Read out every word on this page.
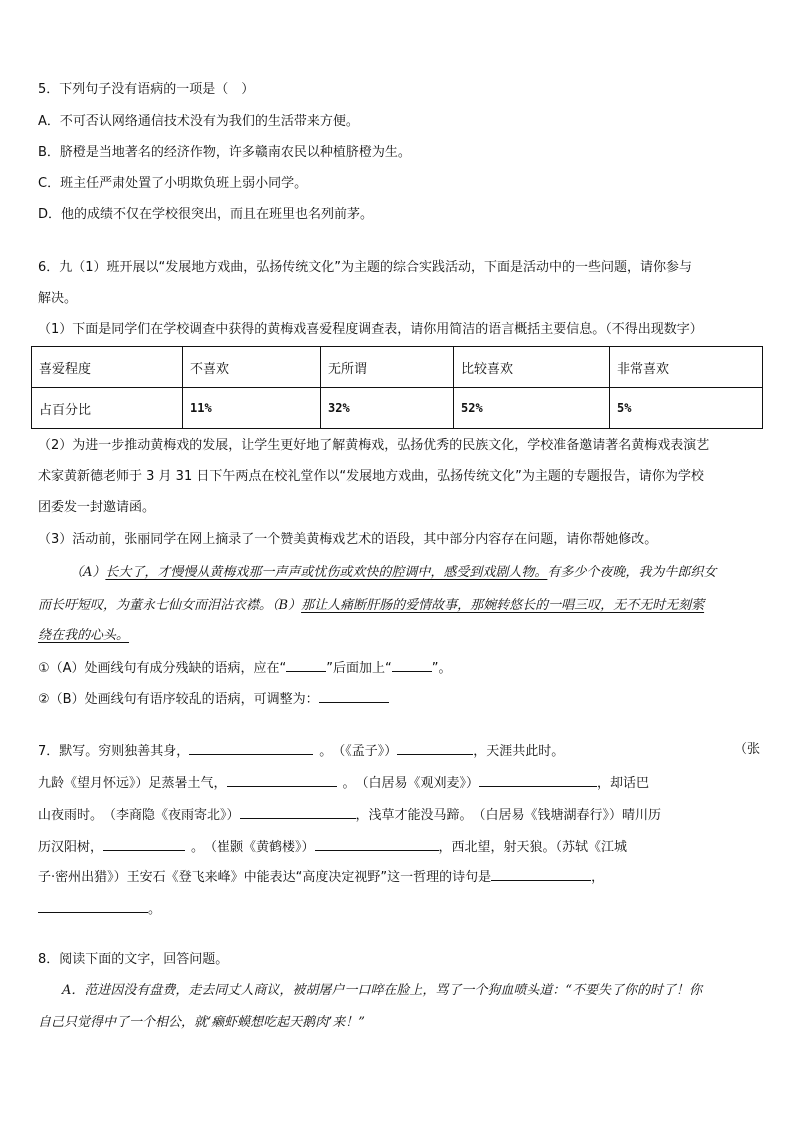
5．下列句子没有语病的一项是（　）
A．不可否认网络通信技术没有为我们的生活带来方便。
B．脐橙是当地著名的经济作物，许多赣南农民以种植脐橙为生。
C．班主任严肃处置了小明欺负班上弱小同学。
D．他的成绩不仅在学校很突出，而且在班里也名列前茅。
6．九（1）班开展以“发展地方戏曲，弘扬传统文化”为主题的综合实践活动，下面是活动中的一些问题，请你参与
解决。
（1）下面是同学们在学校调查中获得的黄梅戏喜爱程度调查表，请你用简洁的语言概括主要信息。（不得出现数字）
喜爱程度	不喜欢	无所谓	比较喜欢	非常喜欢
占百分比	11%	32%	52%	5%
（2）为进一步推动黄梅戏的发展，让学生更好地了解黄梅戏，弘扬优秀的民族文化，学校准备邀请著名黄梅戏表演艺
术家黄新德老师于 3 月 31 日下午两点在校礼堂作以“发展地方戏曲，弘扬传统文化”为主题的专题报告，请你为学校
团委发一封邀请函。
（3）活动前，张丽同学在网上摘录了一个赞美黄梅戏艺术的语段，其中部分内容存在问题，请你帮她修改。
（A）长大了，才慢慢从黄梅戏那一声声或忧伤或欢快的腔调中，感受到戏剧人物。有多少个夜晚，我为牛郎织女
而长吁短叹，为董永七仙女而泪沾衣襟。（B）那让人痛断肝肠的爱情故事，那婉转悠长的一唱三叹，无不无时无刻萦
绕在我的心头。
①（A）处画线句有成分残缺的语病，应在“	”后面加上“	”。
②（B）处画线句有语序较乱的语病，可调整为：
7．默写。穷则独善其身，	。　（《孟子》）	，天涯共此时。	（张
九龄《望月怀远》）足蒸暑土气，	。　（白居易《观刈麦》）	，却话巴
山夜雨时。　（李商隐《夜雨寄北》）	，浅草才能没马蹄。　（白居易《钱塘湖春行》）晴川历
历汉阳树，	。　（崔颢《黄鹤楼》）	，西北望，射天狼。（苏轼《江城
子·密州出猎》）王安石《登飞来峰》中能表达“高度决定视野”这一哲理的诗句是	，
。
8．阅读下面的文字，回答问题。
A．范进因没有盘费，走去同丈人商议，被胡屠户一口啐在脸上，骂了一个狗血喷头道：“不要失了你的时了！你
自己只觉得中了一个相公，就‘癞虾蟆想吃起天鹅肉’来！”
